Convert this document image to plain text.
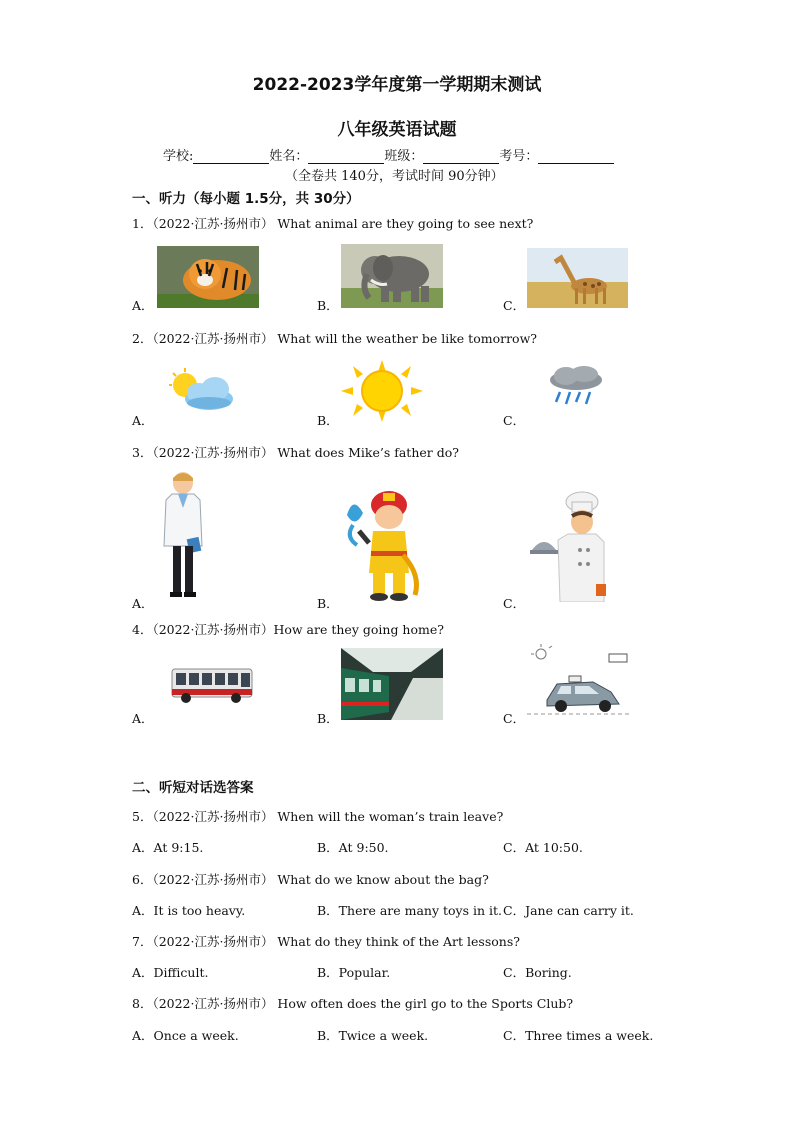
2022-2023学年度第一学期期末测试
八年级英语试题
学校:	姓名：	班级：	考号：
（全卷共 140分，考试时间 90分钟）
一、听力（每小题 1.5分，共 30分）
1．（2022·江苏·扬州市） What animal are they going to see next?
A．	B．	C．
2．（2022·江苏·扬州市） What will the weather be like tomorrow?
A．	B．	C．
3．（2022·江苏·扬州市） What does Mike’s father do?
A．	B．	C．
4．（2022·江苏·扬州市）How are they going home?
A．	B．	C．
二、听短对话选答案
5．（2022·江苏·扬州市） When will the woman’s train leave?
A．At 9:15.	B．At 9:50.	C．At 10:50.
6．（2022·江苏·扬州市） What do we know about the bag?
A．It is too heavy.	B．There are many toys in it. C．Jane can carry it.
7．（2022·江苏·扬州市） What do they think of the Art lessons?
A．Difficult.	B．Popular.	C．Boring.
8．（2022·江苏·扬州市） How often does the girl go to the Sports Club?
A．Once a week.	B．Twice a week.	C．Three times a week.
